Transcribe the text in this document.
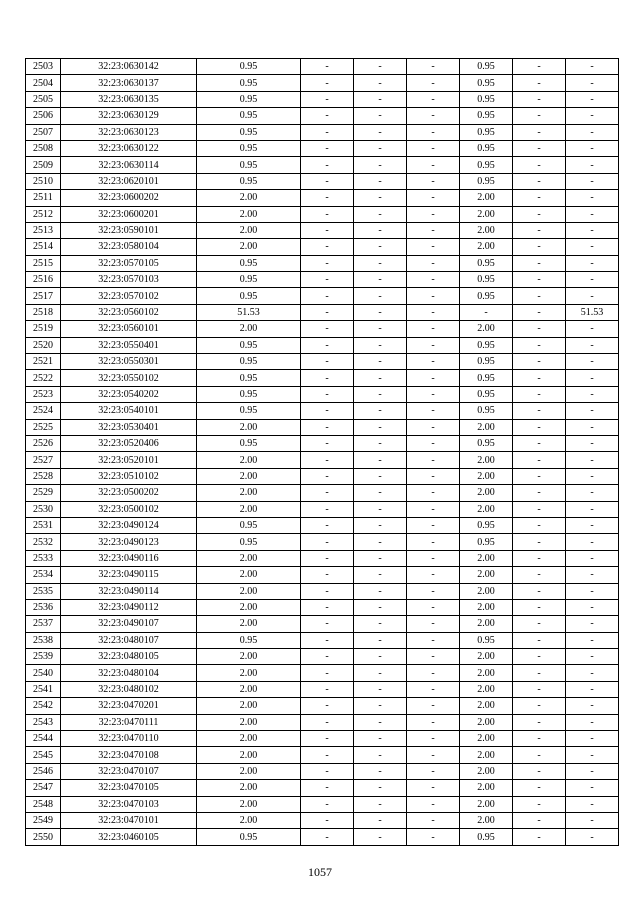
2503	32:23:0630142	0.95	-	-	-	0.95	-	-
2504	32:23:0630137	0.95	-	-	-	0.95	-	-
2505	32:23:0630135	0.95	-	-	-	0.95	-	-
2506	32:23:0630129	0.95	-	-	-	0.95	-	-
2507	32:23:0630123	0.95	-	-	-	0.95	-	-
2508	32:23:0630122	0.95	-	-	-	0.95	-	-
2509	32:23:0630114	0.95	-	-	-	0.95	-	-
2510	32:23:0620101	0.95	-	-	-	0.95	-	-
2511	32:23:0600202	2.00	-	-	-	2.00	-	-
2512	32:23:0600201	2.00	-	-	-	2.00	-	-
2513	32:23:0590101	2.00	-	-	-	2.00	-	-
2514	32:23:0580104	2.00	-	-	-	2.00	-	-
2515	32:23:0570105	0.95	-	-	-	0.95	-	-
2516	32:23:0570103	0.95	-	-	-	0.95	-	-
2517	32:23:0570102	0.95	-	-	-	0.95	-	-
2518	32:23:0560102	51.53	-	-	-	-	-	51.53
2519	32:23:0560101	2.00	-	-	-	2.00	-	-
2520	32:23:0550401	0.95	-	-	-	0.95	-	-
2521	32:23:0550301	0.95	-	-	-	0.95	-	-
2522	32:23:0550102	0.95	-	-	-	0.95	-	-
2523	32:23:0540202	0.95	-	-	-	0.95	-	-
2524	32:23:0540101	0.95	-	-	-	0.95	-	-
2525	32:23:0530401	2.00	-	-	-	2.00	-	-
2526	32:23:0520406	0.95	-	-	-	0.95	-	-
2527	32:23:0520101	2.00	-	-	-	2.00	-	-
2528	32:23:0510102	2.00	-	-	-	2.00	-	-
2529	32:23:0500202	2.00	-	-	-	2.00	-	-
2530	32:23:0500102	2.00	-	-	-	2.00	-	-
2531	32:23:0490124	0.95	-	-	-	0.95	-	-
2532	32:23:0490123	0.95	-	-	-	0.95	-	-
2533	32:23:0490116	2.00	-	-	-	2.00	-	-
2534	32:23:0490115	2.00	-	-	-	2.00	-	-
2535	32:23:0490114	2.00	-	-	-	2.00	-	-
2536	32:23:0490112	2.00	-	-	-	2.00	-	-
2537	32:23:0490107	2.00	-	-	-	2.00	-	-
2538	32:23:0480107	0.95	-	-	-	0.95	-	-
2539	32:23:0480105	2.00	-	-	-	2.00	-	-
2540	32:23:0480104	2.00	-	-	-	2.00	-	-
2541	32:23:0480102	2.00	-	-	-	2.00	-	-
2542	32:23:0470201	2.00	-	-	-	2.00	-	-
2543	32:23:0470111	2.00	-	-	-	2.00	-	-
2544	32:23:0470110	2.00	-	-	-	2.00	-	-
2545	32:23:0470108	2.00	-	-	-	2.00	-	-
2546	32:23:0470107	2.00	-	-	-	2.00	-	-
2547	32:23:0470105	2.00	-	-	-	2.00	-	-
2548	32:23:0470103	2.00	-	-	-	2.00	-	-
2549	32:23:0470101	2.00	-	-	-	2.00	-	-
2550	32:23:0460105	0.95	-	-	-	0.95	-	-
1057
